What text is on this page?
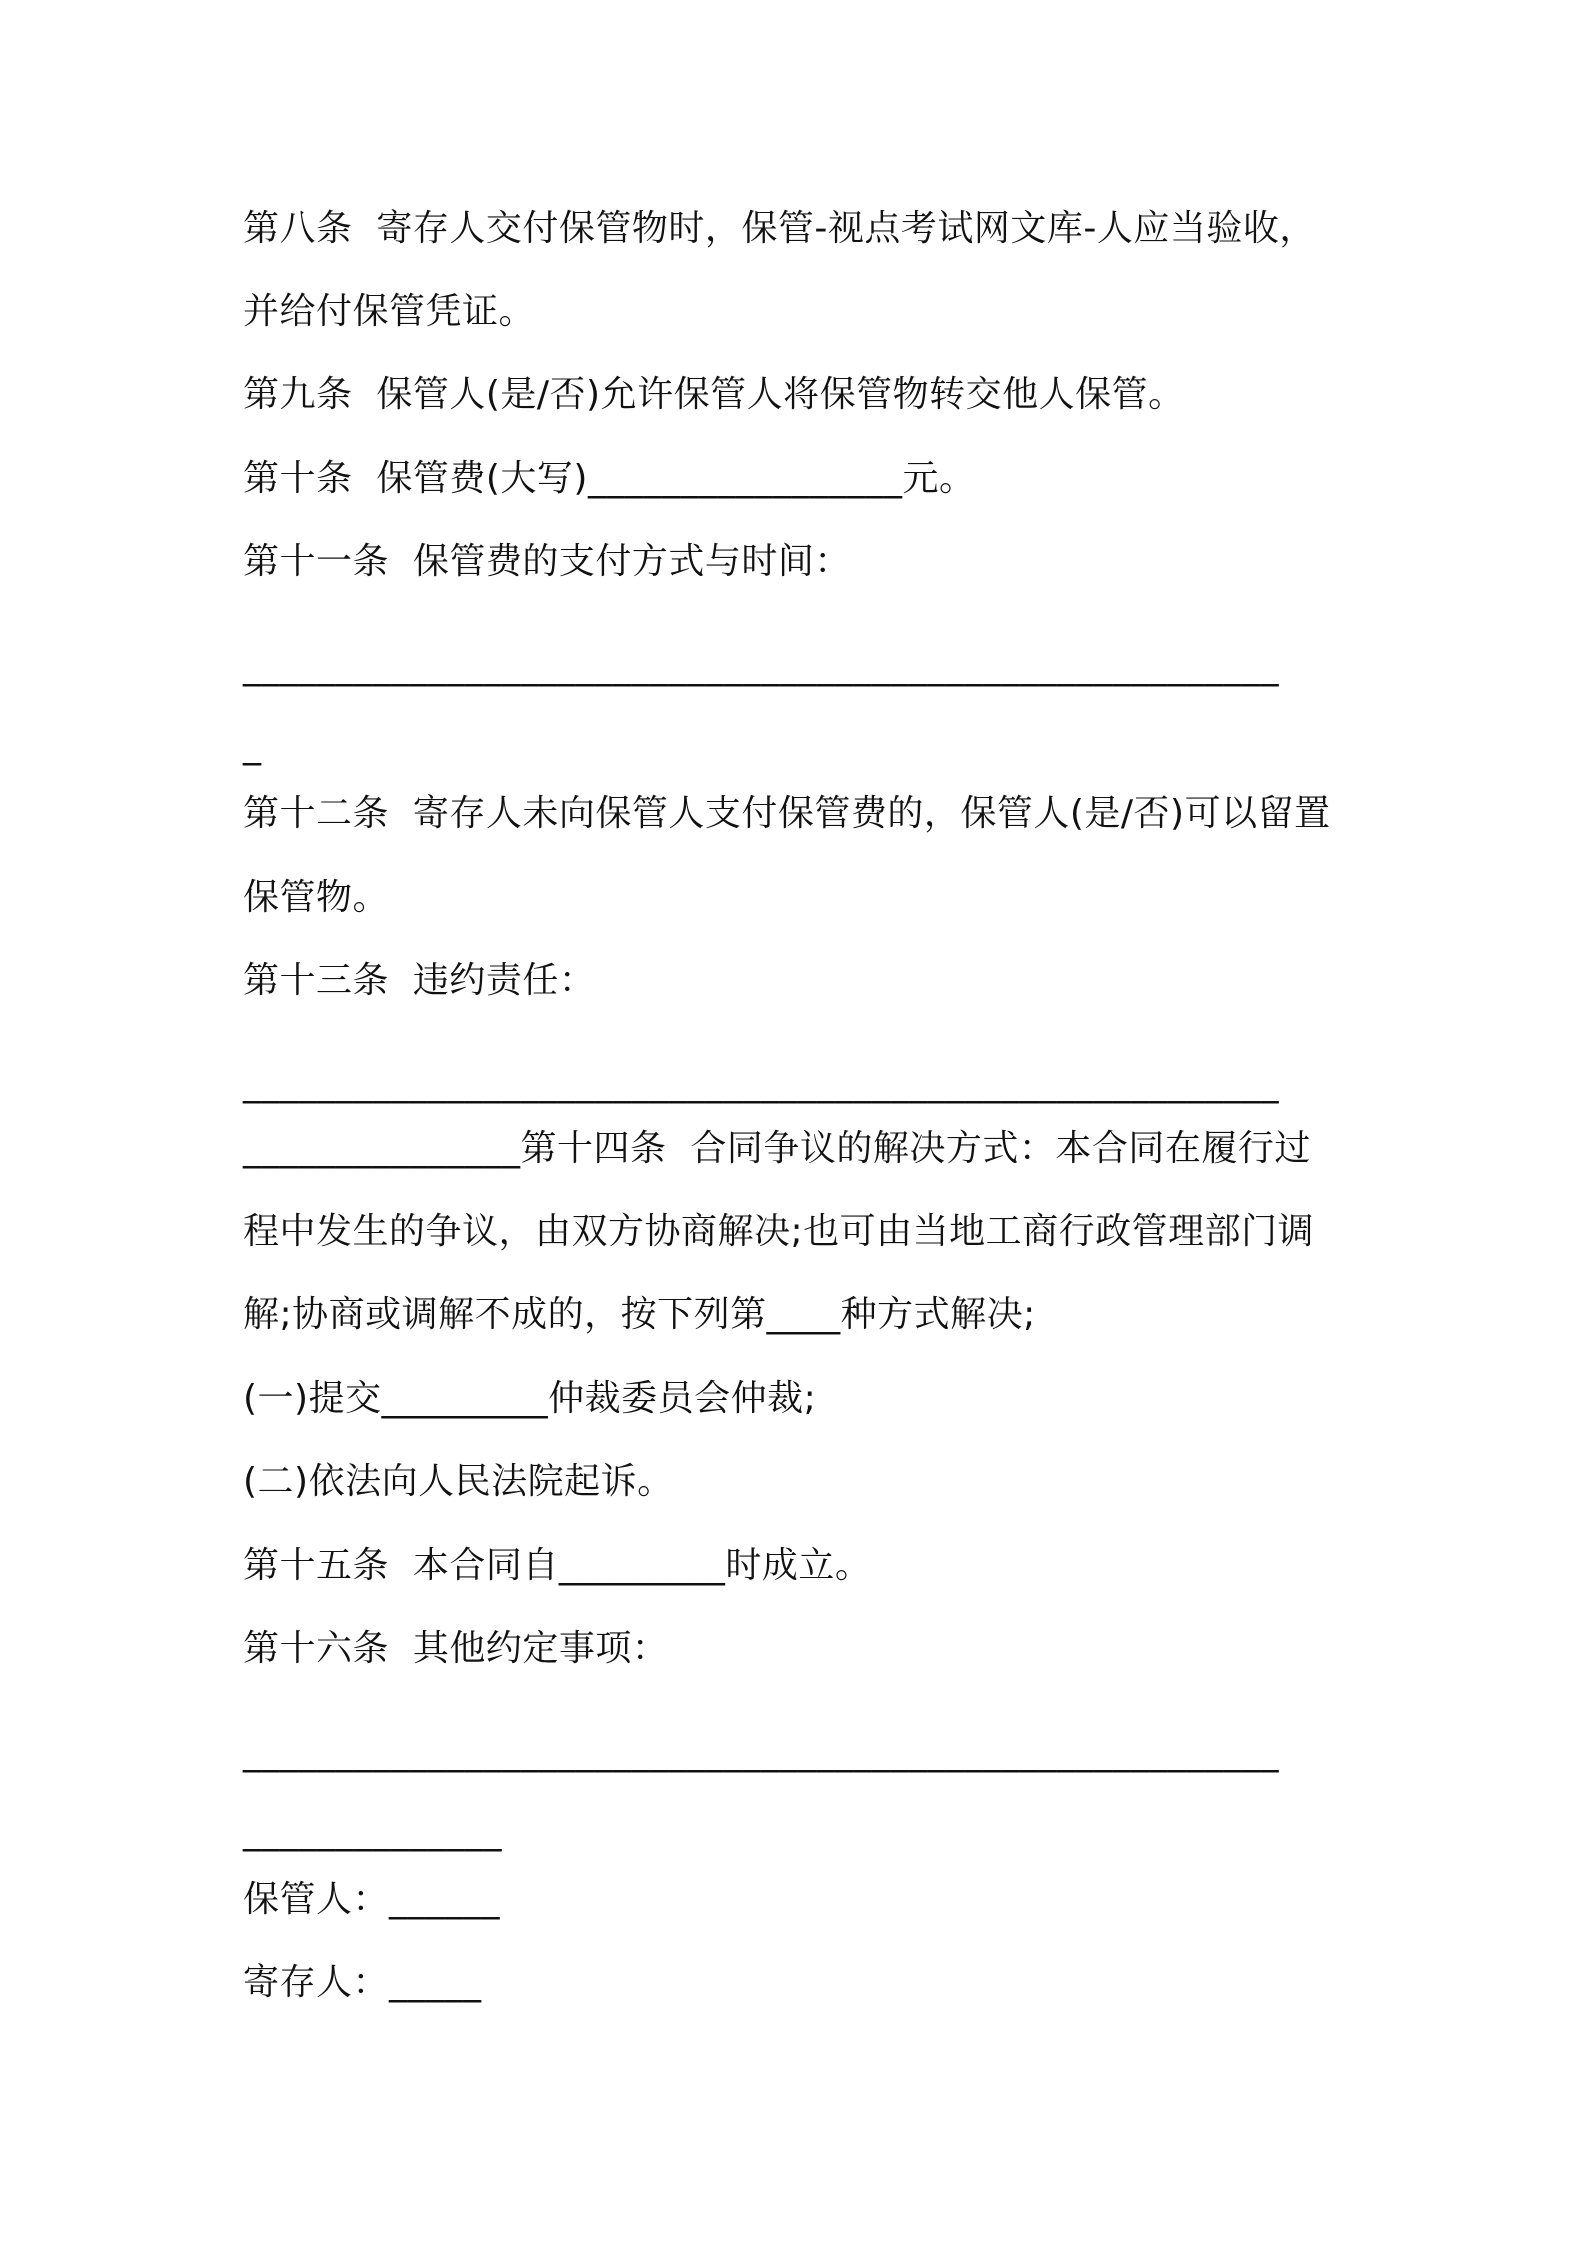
第八条  寄存人交付保管物时，保管-视点考试网文库-人应当验收，

并给付保管凭证。

第九条  保管人(是/否)允许保管人将保管物转交他人保管。

第十条  保管费(大写)_________________元。

第十一条  保管费的支付方式与时间：

________________________________________________________

_

第十二条  寄存人未向保管人支付保管费的，保管人(是/否)可以留置

保管物。

第十三条  违约责任：

________________________________________________________

_______________第十四条  合同争议的解决方式：本合同在履行过

程中发生的争议，由双方协商解决;也可由当地工商行政管理部门调

解;协商或调解不成的，按下列第____种方式解决;

(一)提交_________仲裁委员会仲裁;

(二)依法向人民法院起诉。

第十五条  本合同自_________时成立。

第十六条  其他约定事项：

________________________________________________________

______________

保管人：______

寄存人：_____
